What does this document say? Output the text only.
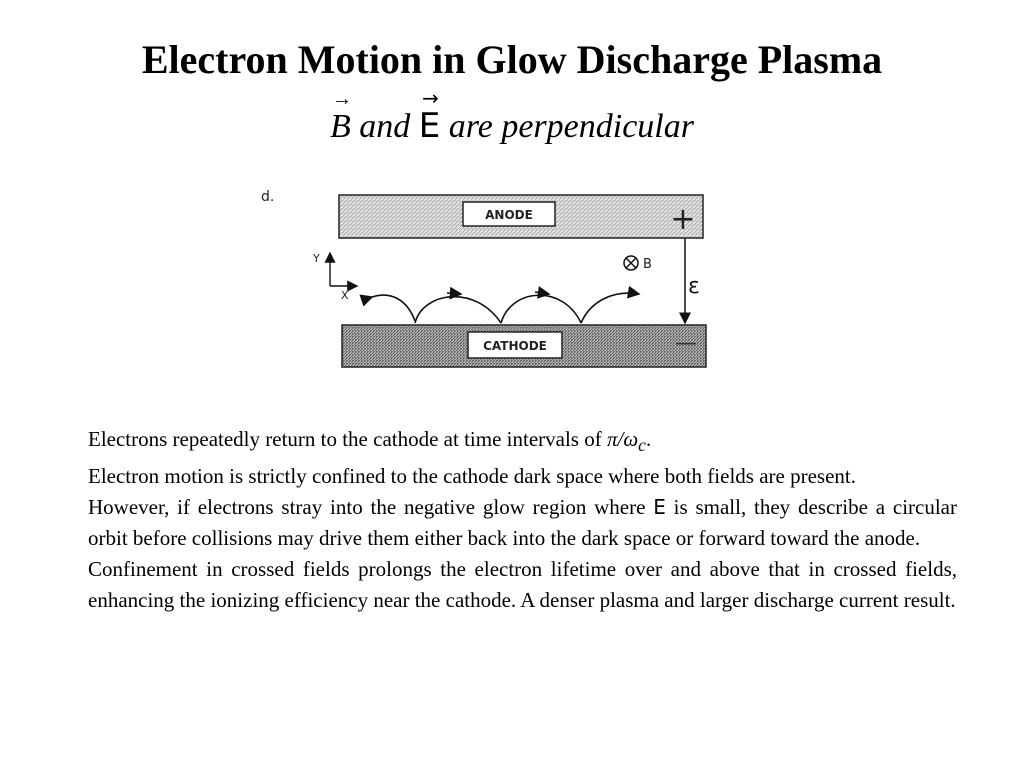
Electron Motion in Glow Discharge Plasma
→
B and
→
E are perpendicular
d.
ANODE	+
CATHODE	—
ε
B
Y
X

Electrons repeatedly return to the cathode at time intervals of $\pi/\omega_c$.

Electron motion is strictly confined to the cathode dark space where both fields are present.

However, if electrons stray into the negative glow region where E is small, they describe a circular orbit before collisions may drive them either back into the dark space or forward toward the anode.

Confinement in crossed fields prolongs the electron lifetime over and above that in crossed fields, enhancing the ionizing efficiency near the cathode. A denser plasma and larger discharge current result.
